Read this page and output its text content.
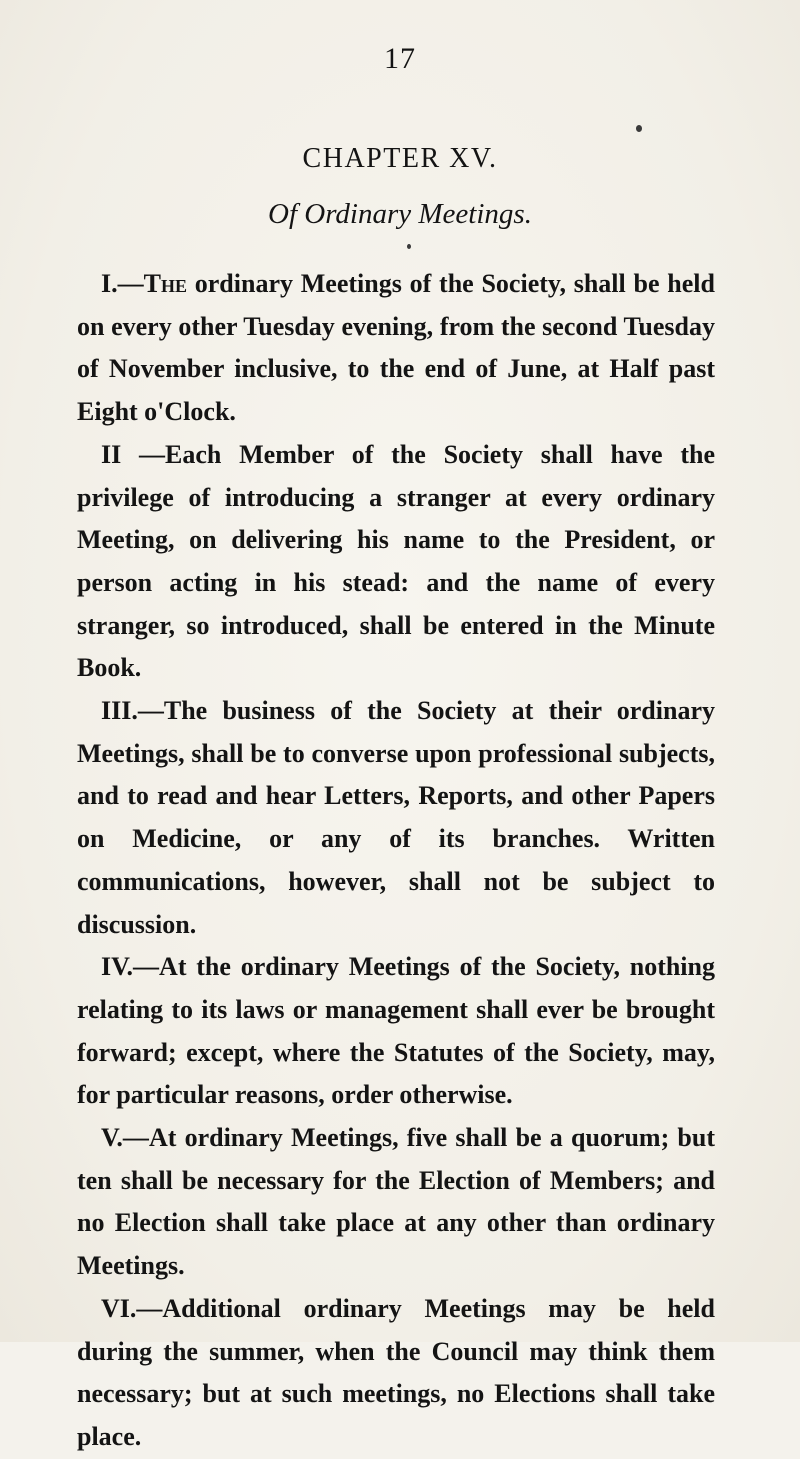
17
CHAPTER XV.
Of Ordinary Meetings.

I.—The ordinary Meetings of the Society, shall be held on every other Tuesday evening, from the second Tuesday of November inclusive, to the end of June, at Half past Eight o'Clock.

II —Each Member of the Society shall have the privilege of introducing a stranger at every ordinary Meeting, on delivering his name to the President, or person acting in his stead: and the name of every stranger, so introduced, shall be entered in the Minute Book.

III.—The business of the Society at their ordinary Meetings, shall be to converse upon professional subjects, and to read and hear Letters, Reports, and other Papers on Medicine, or any of its branches. Written communications, however, shall not be subject to discussion.

IV.—At the ordinary Meetings of the Society, nothing relating to its laws or management shall ever be brought forward; except, where the Statutes of the Society, may, for particular reasons, order otherwise.

V.—At ordinary Meetings, five shall be a quorum; but ten shall be necessary for the Election of Members; and no Election shall take place at any other than ordinary Meetings.

VI.—Additional ordinary Meetings may be held during the summer, when the Council may think them necessary; but at such meetings, no Elections shall take place.
